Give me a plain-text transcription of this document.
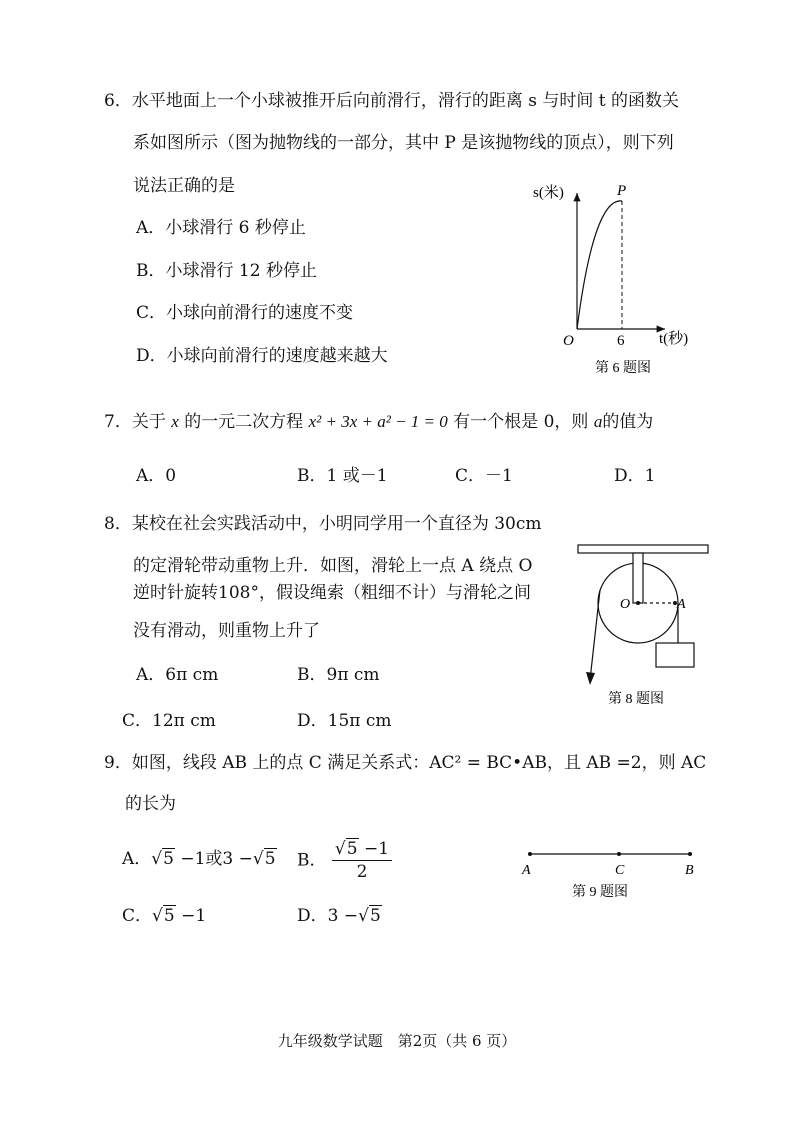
6．水平地面上一个小球被推开后向前滑行，滑行的距离 s 与时间 t 的函数关
系如图所示（图为抛物线的一部分，其中 P 是该抛物线的顶点），则下列
说法正确的是
A．小球滑行 6 秒停止
B．小球滑行 12 秒停止
C．小球向前滑行的速度不变
D．小球向前滑行的速度越来越大
s(米)	P
O	6 t(秒)
第 6 题图
7．关于 x 的一元二次方程 x² + 3x + a² − 1 = 0 有一个根是 0，则 a的值为
A．0	B．1 或－1	C．－1	D．1
8．某校在社会实践活动中，小明同学用一个直径为 30cm
的定滑轮带动重物上升．如图，滑轮上一点 A 绕点 O
逆时针旋转108°，假设绳索（粗细不计）与滑轮之间
没有滑动，则重物上升了
A．6π cm	B．9π cm
C．12π cm	D．15π cm
O	A
第 8 题图
9．如图，线段 AB 上的点 C 满足关系式：AC² = BC•AB，且 AB =2，则 AC
的长为
A．√5 −1或3 −√5 B． $\frac{√5 -1}{2}$
C．√5 −1	D．3 −√5
A	C	B
第 9 题图
九年级数学试题　第2页（共 6 页）
